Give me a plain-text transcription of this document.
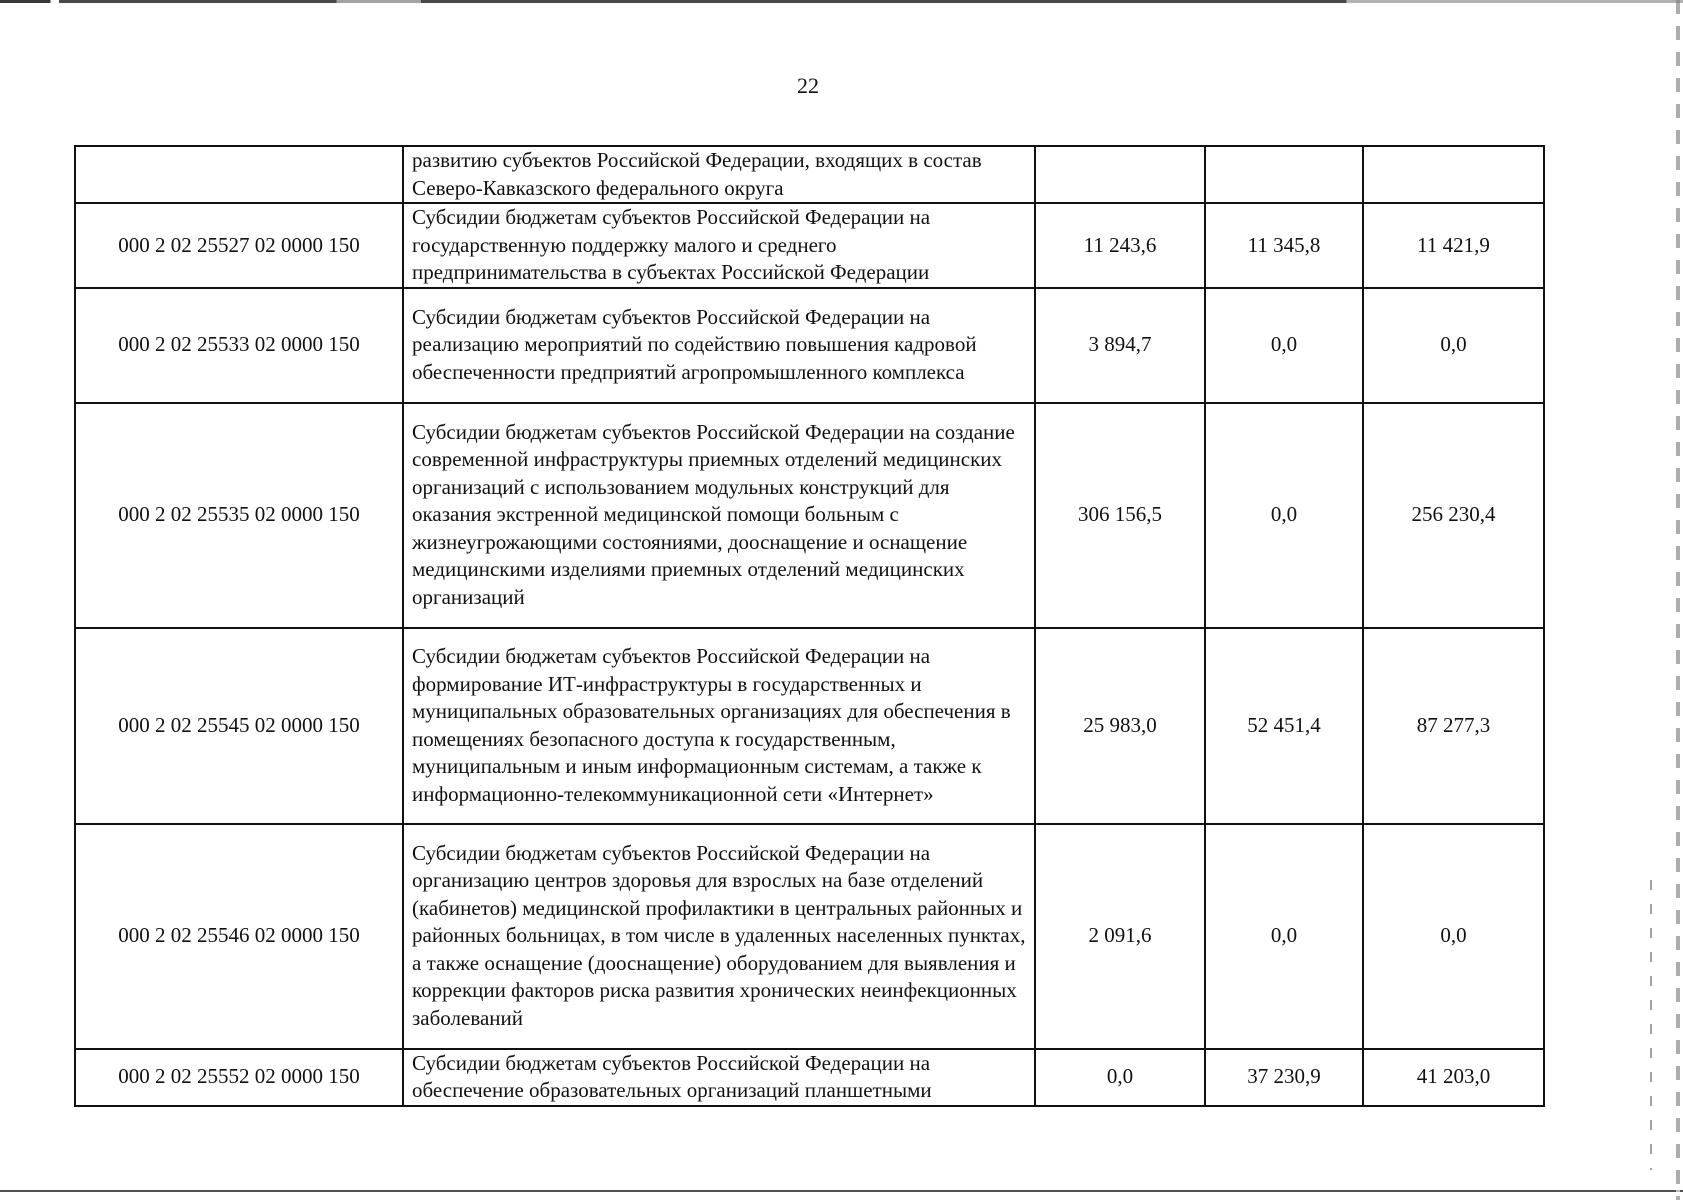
22
	развитию субъектов Российской Федерации, входящих в состав Северо-Кавказского федерального округа			
000 2 02 25527 02 0000 150	Субсидии бюджетам субъектов Российской Федерации на государственную поддержку малого и среднего предпринимательства в субъектах Российской Федерации	11 243,6	11 345,8	11 421,9
000 2 02 25533 02 0000 150	Субсидии бюджетам субъектов Российской Федерации на реализацию мероприятий по содействию повышения кадровой обеспеченности предприятий агропромышленного комплекса	3 894,7	0,0	0,0
000 2 02 25535 02 0000 150	Субсидии бюджетам субъектов Российской Федерации на создание современной инфраструктуры приемных отделений медицинских организаций с использованием модульных конструкций для оказания экстренной медицинской помощи больным с жизнеугрожающими состояниями, дооснащение и оснащение медицинскими изделиями приемных отделений медицинских организаций	306 156,5	0,0	256 230,4
000 2 02 25545 02 0000 150	Субсидии бюджетам субъектов Российской Федерации на формирование ИТ-инфраструктуры в государственных и муниципальных образовательных организациях для обеспечения в помещениях безопасного доступа к государственным, муниципальным и иным информационным системам, а также к информационно-телекоммуникационной сети «Интернет»	25 983,0	52 451,4	87 277,3
000 2 02 25546 02 0000 150	Субсидии бюджетам субъектов Российской Федерации на организацию центров здоровья для взрослых на базе отделений (кабинетов) медицинской профилактики в центральных районных и районных больницах, в том числе в удаленных населенных пунктах, а также оснащение (дооснащение) оборудованием для выявления и коррекции факторов риска развития хронических неинфекционных заболеваний	2 091,6	0,0	0,0
000 2 02 25552 02 0000 150	Субсидии бюджетам субъектов Российской Федерации на обеспечение образовательных организаций планшетными	0,0	37 230,9	41 203,0
